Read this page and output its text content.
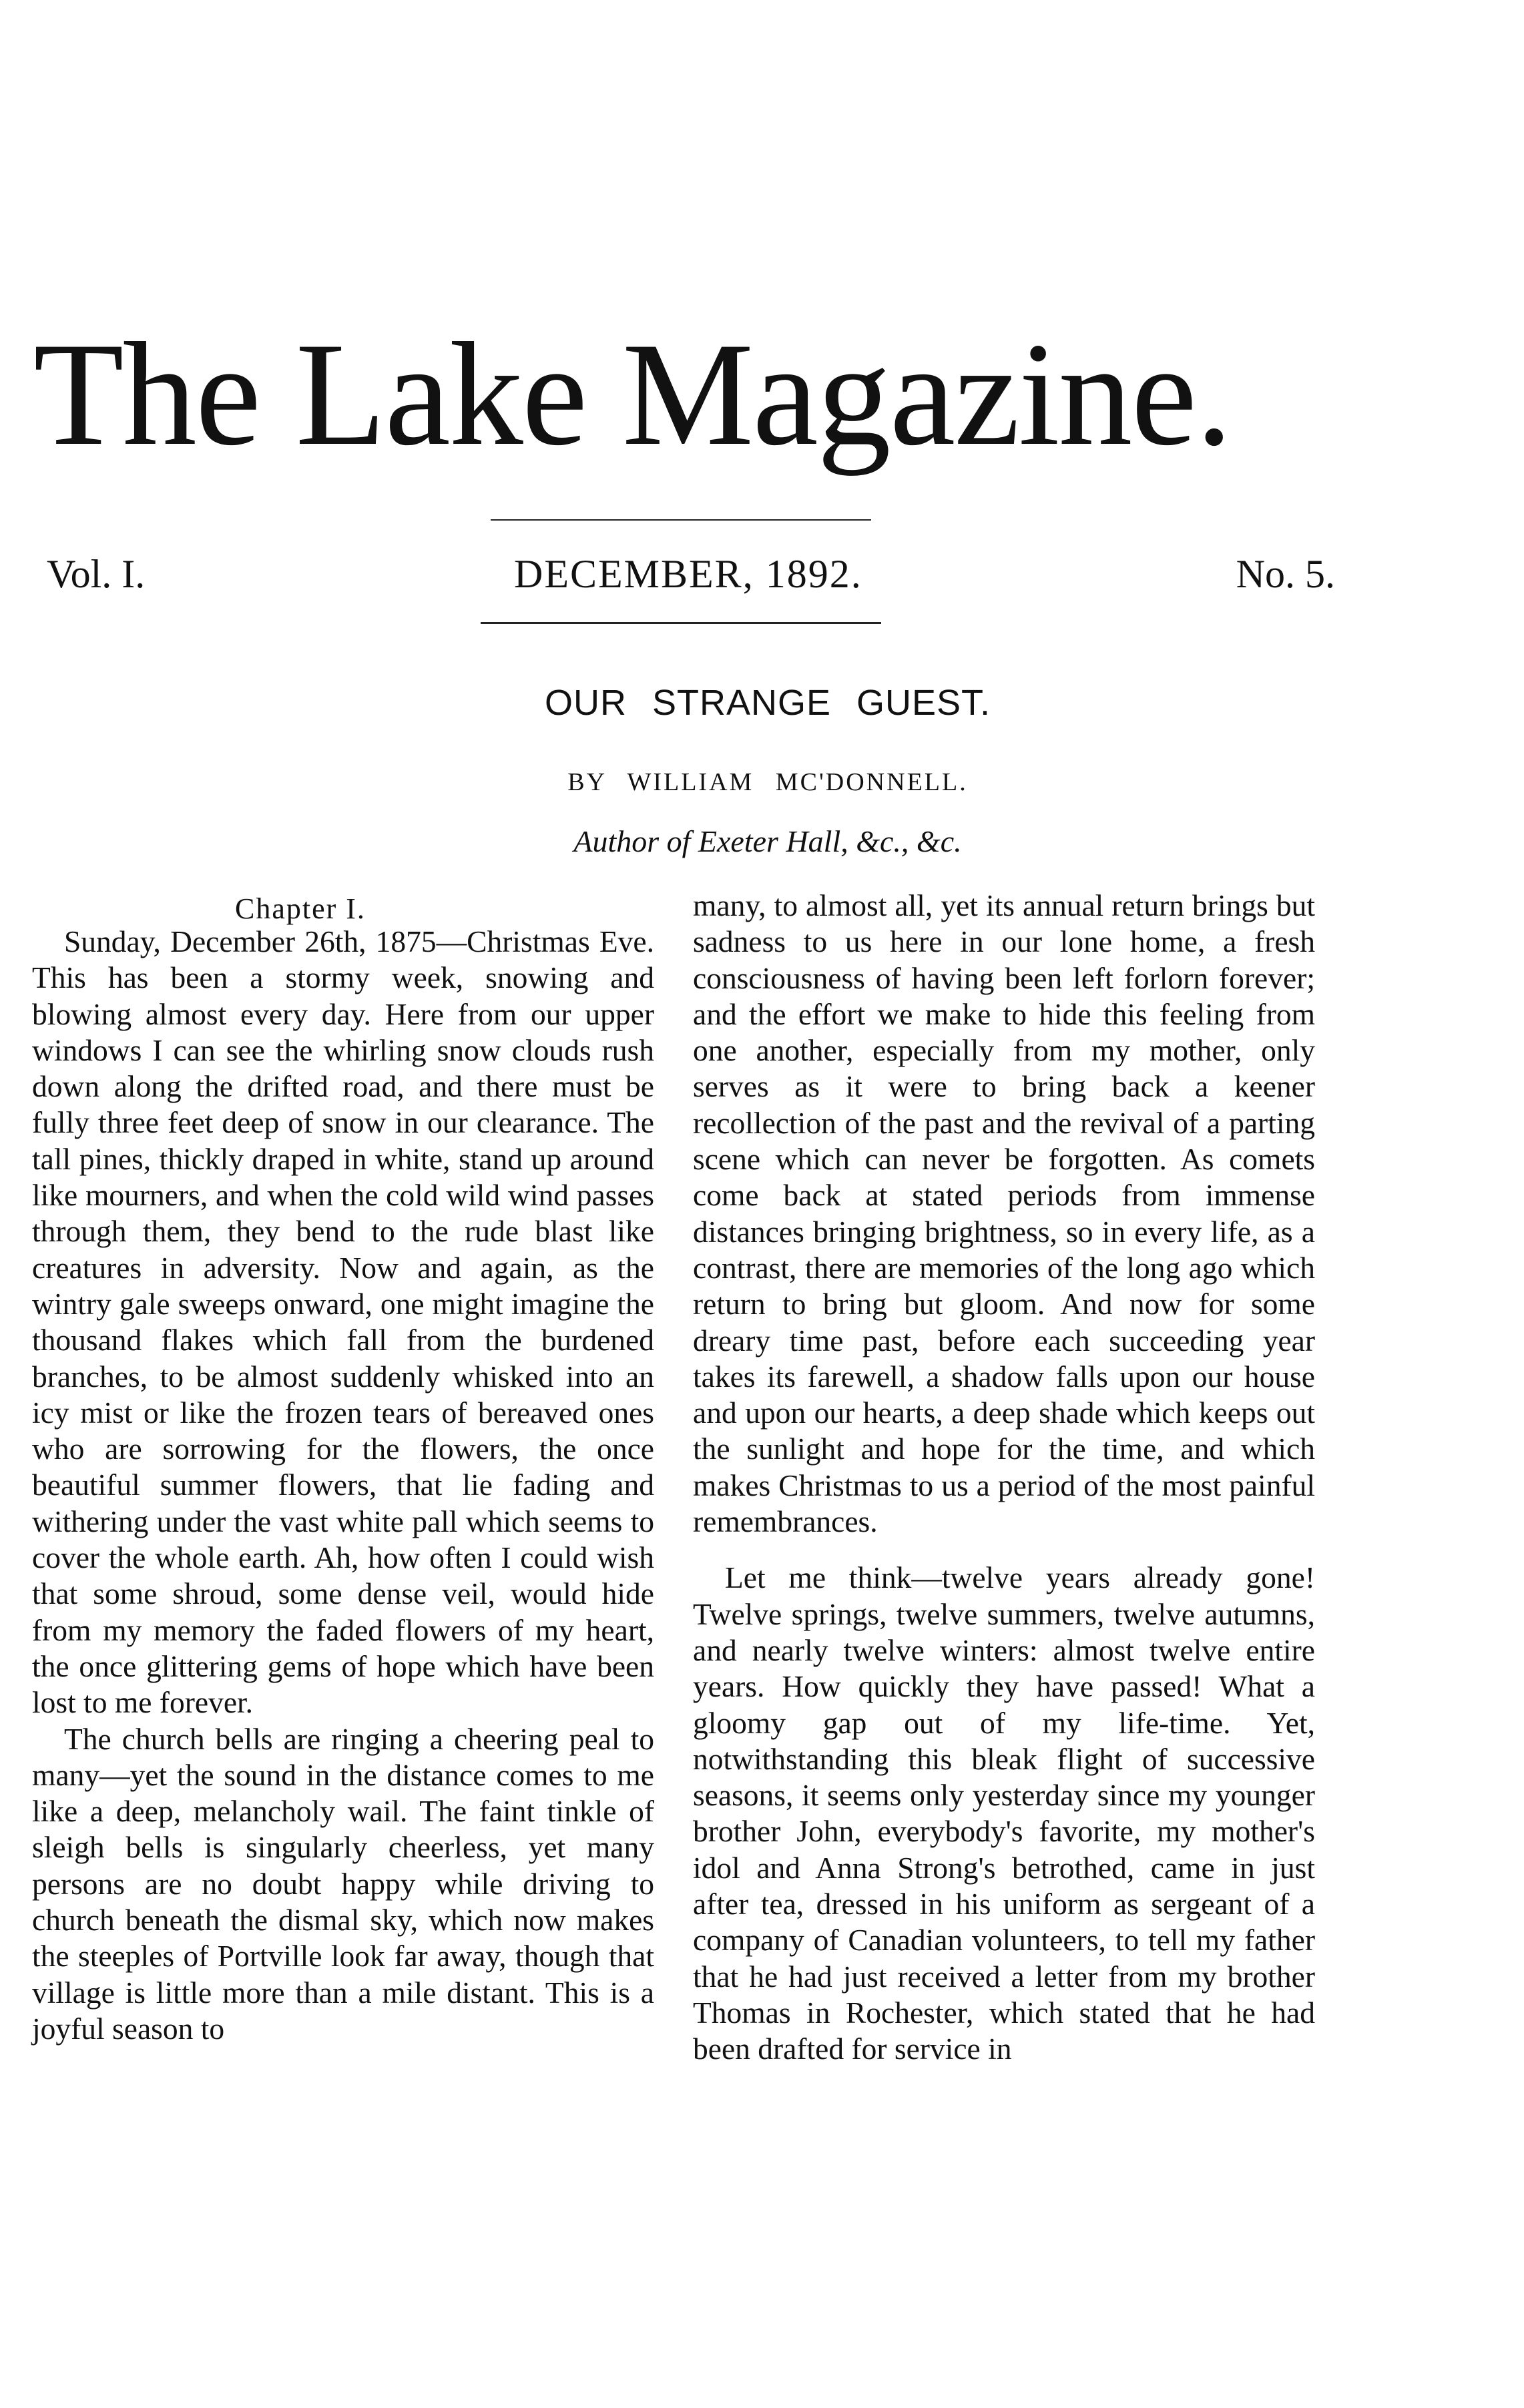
The Lake Magazine.
Vol. I.	DECEMBER, 1892.	No. 5.
OUR STRANGE GUEST.
BY WILLIAM MC'DONNELL.
Author of Exeter Hall, &c., &c.
Chapter I.

Sunday, December 26th, 1875—Christmas Eve. This has been a stormy week, snowing and blowing almost every day. Here from our upper windows I can see the whirling snow clouds rush down along the drifted road, and there must be fully three feet deep of snow in our clearance. The tall pines, thickly draped in white, stand up around like mourners, and when the cold wild wind passes through them, they bend to the rude blast like creatures in adversity. Now and again, as the wintry gale sweeps onward, one might imagine the thousand flakes which fall from the burdened branches, to be almost suddenly whisked into an icy mist or like the frozen tears of bereaved ones who are sorrowing for the flowers, the once beautiful summer flowers, that lie fading and withering under the vast white pall which seems to cover the whole earth. Ah, how often I could wish that some shroud, some dense veil, would hide from my memory the faded flowers of my heart, the once glittering gems of hope which have been lost to me forever.

The church bells are ringing a cheering peal to many—yet the sound in the distance comes to me like a deep, melancholy wail. The faint tinkle of sleigh bells is singularly cheerless, yet many persons are no doubt happy while driving to church beneath the dismal sky, which now makes the steeples of Portville look far away, though that village is little more than a mile distant. This is a joyful season to

many, to almost all, yet its annual return brings but sadness to us here in our lone home, a fresh consciousness of having been left forlorn forever; and the effort we make to hide this feeling from one another, especially from my mother, only serves as it were to bring back a keener recollection of the past and the revival of a parting scene which can never be forgotten. As comets come back at stated periods from immense distances bringing brightness, so in every life, as a contrast, there are memories of the long ago which return to bring but gloom. And now for some dreary time past, before each succeeding year takes its farewell, a shadow falls upon our house and upon our hearts, a deep shade which keeps out the sunlight and hope for the time, and which makes Christmas to us a period of the most painful remembrances.

Let me think—twelve years already gone! Twelve springs, twelve summers, twelve autumns, and nearly twelve winters: almost twelve entire years. How quickly they have passed! What a gloomy gap out of my life-time. Yet, notwithstanding this bleak flight of successive seasons, it seems only yesterday since my younger brother John, everybody's favorite, my mother's idol and Anna Strong's betrothed, came in just after tea, dressed in his uniform as sergeant of a company of Canadian volunteers, to tell my father that he had just received a letter from my brother Thomas in Rochester, which stated that he had been drafted for service in
